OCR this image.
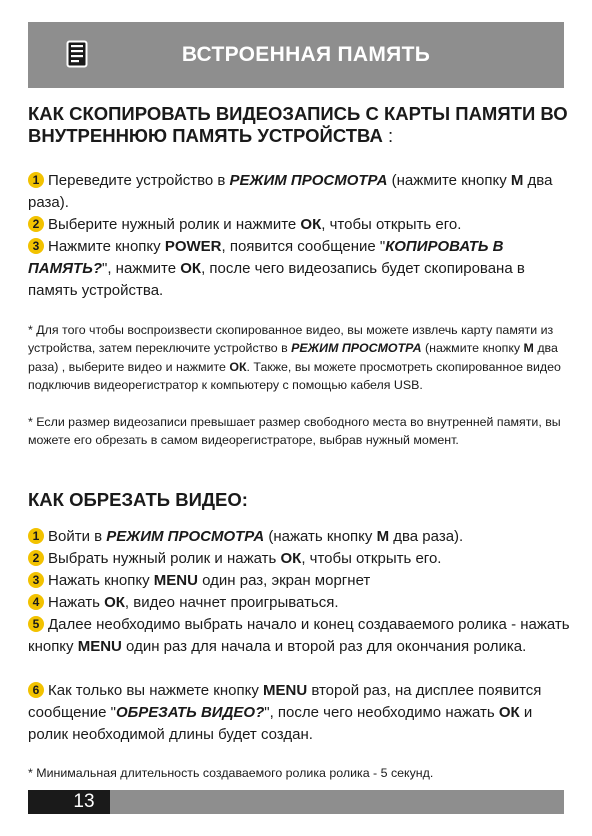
ВСТРОЕННАЯ ПАМЯТЬ
КАК СКОПИРОВАТЬ ВИДЕОЗАПИСЬ С КАРТЫ ПАМЯТИ ВО
ВНУТРЕННЮЮ ПАМЯТЬ УСТРОЙСТВА :
1 Переведите устройство в РЕЖИМ ПРОСМОТРА (нажмите кнопку М два раза).
2 Выберите нужный ролик и нажмите ОК, чтобы открыть его.
3 Нажмите кнопку POWER, появится сообщение "КОПИРОВАТЬ В ПАМЯТЬ?", нажмите ОК, после чего видеозапись будет скопирована в память устройства.
* Для того чтобы воспроизвести скопированное видео, вы можете извлечь карту памяти из устройства, затем переключите устройство в РЕЖИМ ПРОСМОТРА (нажмите кнопку М два раза) , выберите видео и нажмите ОК. Также, вы можете просмотреть скопированное видео подключив видеорегистратор к компьютеру с помощью кабеля USB.
* Если размер видеозаписи превышает размер свободного места во внутренней памяти, вы можете его обрезать в самом видеорегистраторе, выбрав нужный момент.
КАК ОБРЕЗАТЬ ВИДЕО:
1 Войти в РЕЖИМ ПРОСМОТРА (нажать кнопку М два раза).
2 Выбрать нужный ролик и нажать ОК, чтобы открыть его.
3 Нажать кнопку MENU один раз, экран моргнет
4 Нажать ОК, видео начнет проигрываться.
5 Далее необходимо выбрать начало и конец создаваемого ролика - нажать кнопку MENU один раз для начала и второй раз для окончания ролика.
6 Как только вы нажмете кнопку MENU второй раз, на дисплее появится сообщение "ОБРЕЗАТЬ ВИДЕО?", после чего необходимо нажать ОК и ролик необходимой длины будет создан.
* Минимальная длительность создаваемого ролика ролика - 5 секунд.
13
